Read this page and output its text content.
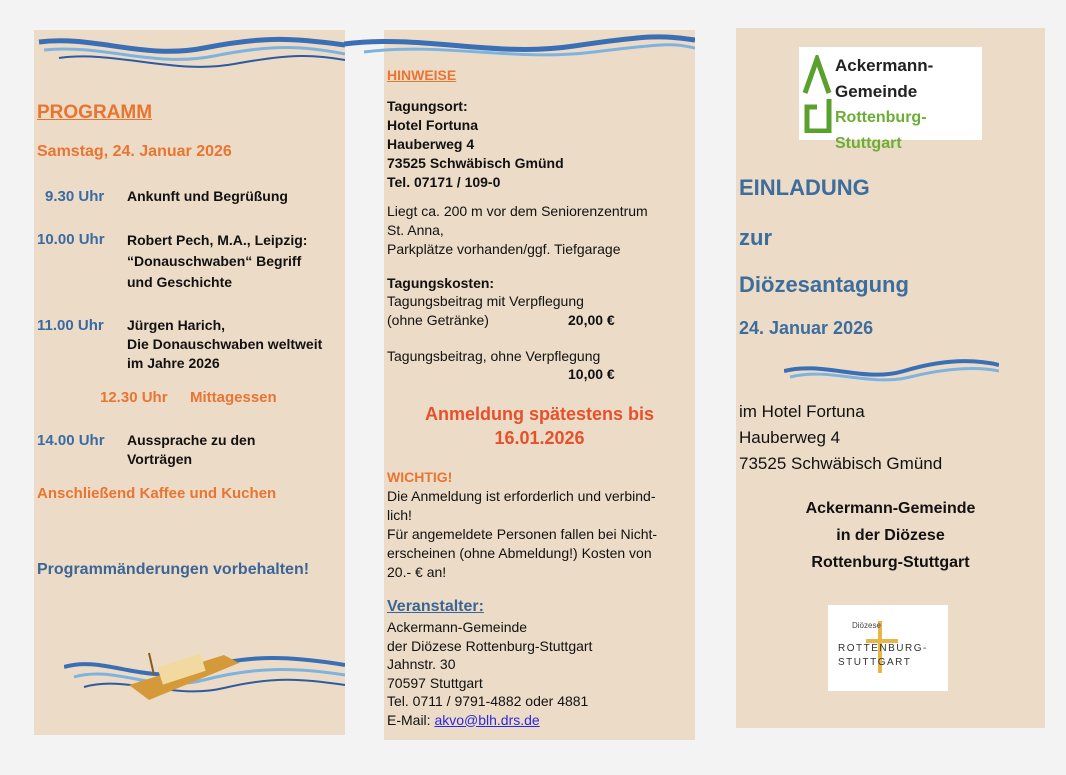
PROGRAMM
Samstag, 24. Januar 2026
9.30 Uhr Ankunft und Begrüßung
10.00 Uhr Robert Pech, M.A., Leipzig:
“Donauschwaben“ Begriff
und Geschichte
11.00 Uhr Jürgen Harich,
Die Donauschwaben weltweit
im Jahre 2026
12.30 Uhr Mittagessen
14.00 Uhr Aussprache zu den
Vorträgen
Anschließend Kaffee und Kuchen
Programmänderungen vorbehalten!
HINWEISE
Tagungsort:
Hotel Fortuna
Hauberweg 4
73525 Schwäbisch Gmünd
Tel. 07171 / 109-0
Liegt ca. 200 m vor dem Seniorenzentrum
St. Anna,
Parkplätze vorhanden/ggf. Tiefgarage
Tagungskosten:
Tagungsbeitrag mit Verpflegung
(ohne Getränke)	20,00 €
Tagungsbeitrag, ohne Verpflegung
10,00 €
Anmeldung spätestens bis
16.01.2026
WICHTIG!
Die Anmeldung ist erforderlich und verbind-
lich!
Für angemeldete Personen fallen bei Nicht-
erscheinen (ohne Abmeldung!) Kosten von
20.- € an!
Veranstalter:
Ackermann-Gemeinde
der Diözese Rottenburg-Stuttgart
Jahnstr. 30
70597 Stuttgart
Tel. 0711 / 9791-4882 oder 4881
E-Mail: akvo@blh.drs.de
Ackermann-
Gemeinde
Rottenburg-Stuttgart
EINLADUNG
zur
Diözesantagung
24. Januar 2026
im Hotel Fortuna
Hauberweg 4
73525 Schwäbisch Gmünd
Ackermann-Gemeinde
in der Diözese
Rottenburg-Stuttgart
Diözese
ROTTENBURG-
STUTTGART
